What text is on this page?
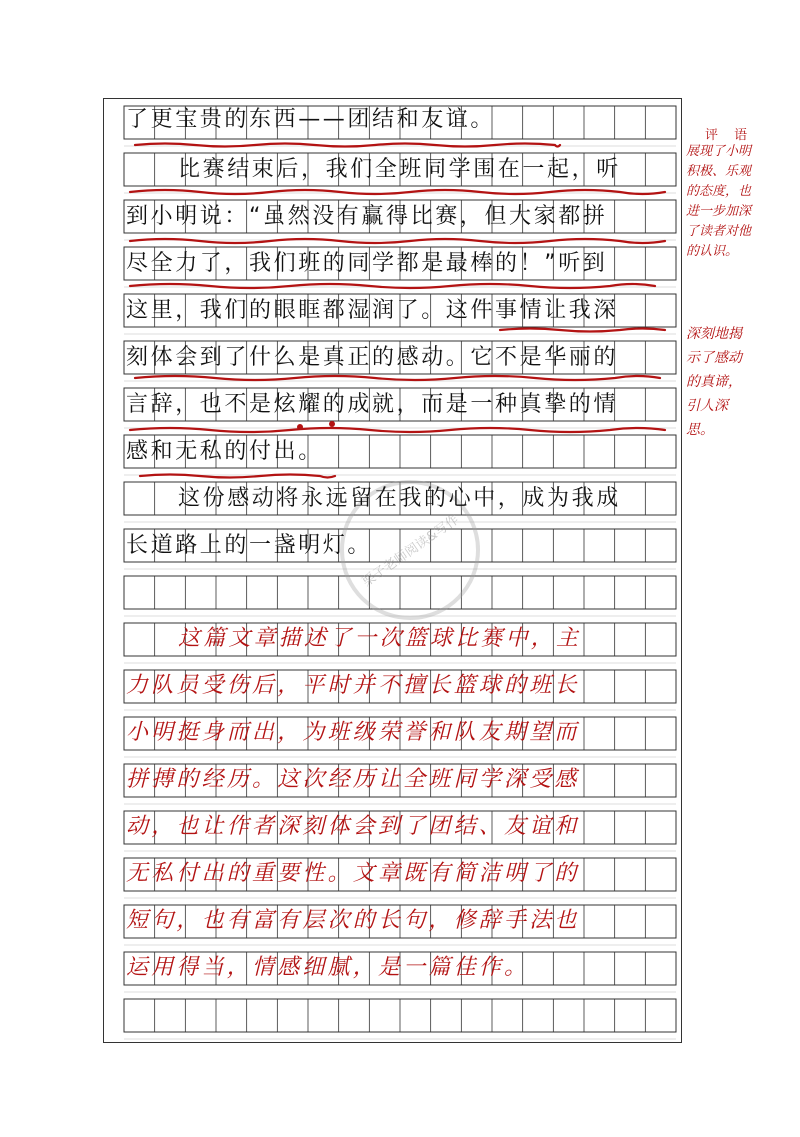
栗子老师阅读&写作
了更宝贵的东西——团结和友谊。
比赛结束后，我们全班同学围在一起，听
到小明说：“虽然没有赢得比赛，但大家都拼
尽全力了，我们班的同学都是最棒的！”听到
这里，我们的眼眶都湿润了。这件事情让我深
刻体会到了什么是真正的感动。它不是华丽的
言辞，也不是炫耀的成就，而是一种真挚的情
感和无私的付出。
这份感动将永远留在我的心中，成为我成
长道路上的一盏明灯。
这篇文章描述了一次篮球比赛中，主
力队员受伤后，平时并不擅长篮球的班长
小明挺身而出，为班级荣誉和队友期望而
拼搏的经历。这次经历让全班同学深受感
动，也让作者深刻体会到了团结、友谊和
无私付出的重要性。文章既有简洁明了的
短句，也有富有层次的长句，修辞手法也
运用得当，情感细腻，是一篇佳作。
评 语
展现了小明
积极、乐观
的态度，也
进一步加深
了读者对他
的认识。
深刻地揭
示了感动
的真谛，
引人深
思。
